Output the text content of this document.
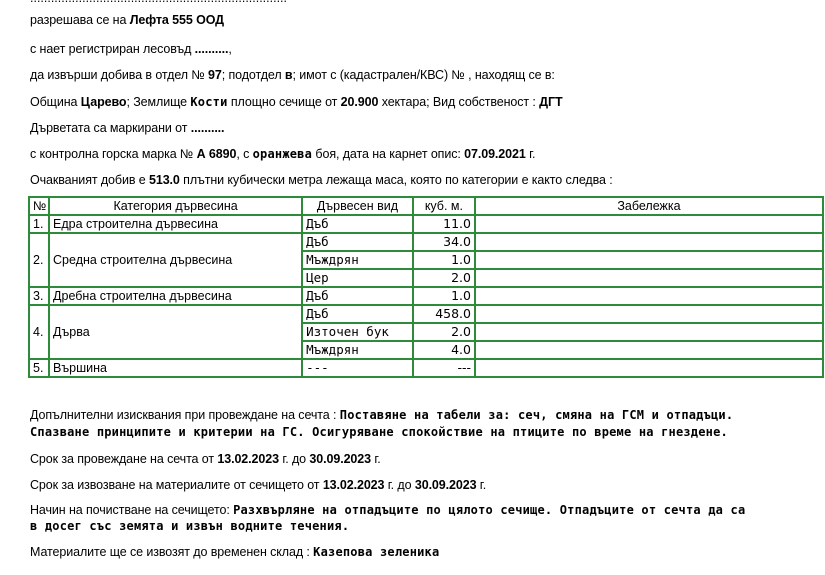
разрешава се на Лефта 555 ООД
с нает регистриран лесовъд ..........,
да извърши добива в отдел № 97; подотдел в; имот с (кадастрален/КВС) № , находящ се в:
Община Царево; Землище Кости площно сечище от 20.900 хектара; Вид собственост : ДГТ
Дърветата са маркирани от ..........
с контролна горска марка № А 6890, с оранжева боя, дата на карнет опис: 07.09.2021 г.
Очакваният добив е 513.0 плътни кубически метра лежаща маса, която по категории е както следва :
№	Категория дървесина	Дървесен вид	куб. м.	Забележка
1.	Едра строителна дървесина	Дъб	11.0	
2.	Средна строителна дървесина	Дъб	34.0	
		Мъждрян	1.0	
		Цер	2.0	
3.	Дребна строителна дървесина	Дъб	1.0	
4.	Дърва	Дъб	458.0	
		Източен бук	2.0	
		Мъждрян	4.0	
5.	Вършина	---	---	
Допълнителни изисквания при провеждане на сечта : Поставяне на табели за: сеч, смяна на ГСМ и отпадъци.
Спазване принципите и критерии на ГС. Осигуряване спокойствие на птиците по време на гнездене.
Срок за провеждане на сечта от 13.02.2023 г. до 30.09.2023 г.
Срок за извозване на материалите от сечището от 13.02.2023 г. до 30.09.2023 г.
Начин на почистване на сечището: Разхвърляне на отпадъците по цялото сечище. Отпадъците от сечта да са
в досег със земята и извън водните течения.
Материалите ще се извозят до временен склад : Казепова зеленика
